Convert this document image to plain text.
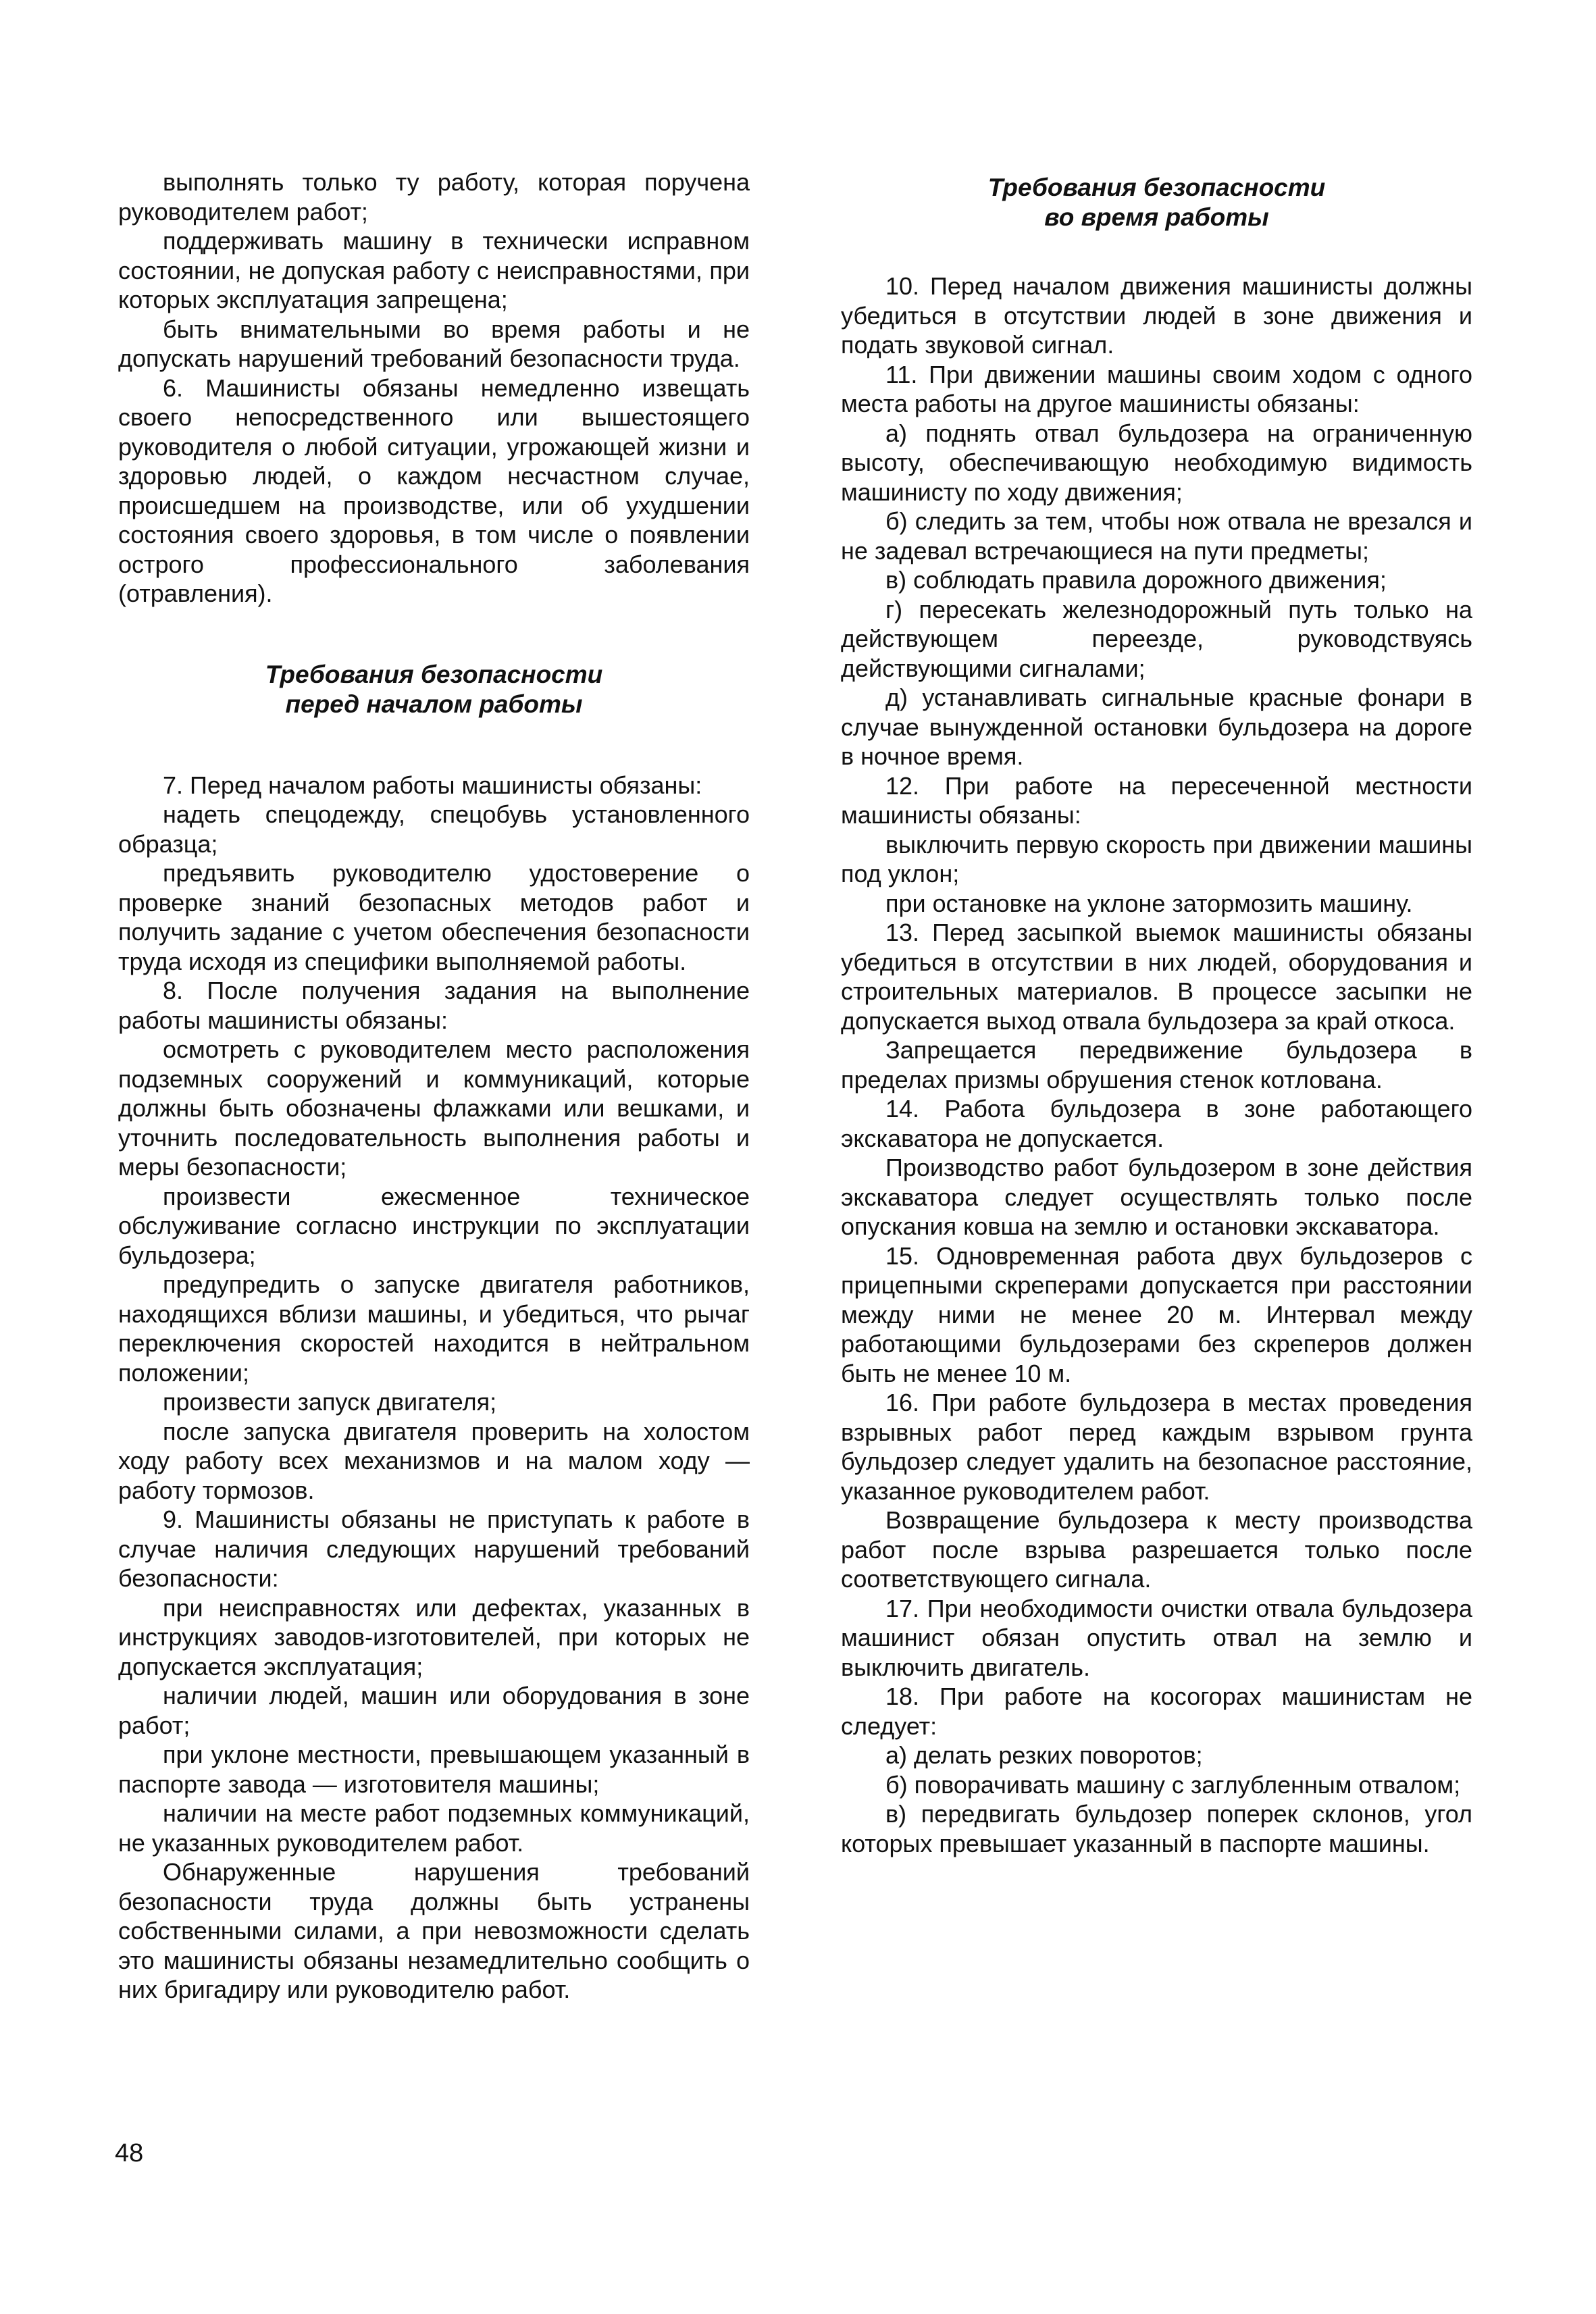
выполнять только ту работу, которая поручена руководителем работ;

поддерживать машину в технически исправном состоянии, не допуская работу с неисправностями, при которых эксплуатация запрещена;

быть внимательными во время работы и не допускать нарушений требований безопасности труда.

6. Машинисты обязаны немедленно извещать своего непосредственного или вышестоящего руководителя о любой ситуации, угрожающей жизни и здоровью людей, о каждом несчастном случае, происшедшем на производстве, или об ухудшении состояния своего здоровья, в том числе о появлении острого профессионального заболевания (отравления).

Требования безопасности
перед началом работы

7. Перед началом работы машинисты обязаны:

надеть спецодежду, спецобувь установленного образца;

предъявить руководителю удостоверение о проверке знаний безопасных методов работ и получить задание с учетом обеспечения безопасности труда исходя из специфики выполняемой работы.

8. После получения задания на выполнение работы машинисты обязаны:

осмотреть с руководителем место расположения подземных сооружений и коммуникаций, которые должны быть обозначены флажками или вешками, и уточнить последовательность выполнения работы и меры безопасности;

произвести ежесменное техническое обслуживание согласно инструкции по эксплуатации бульдозера;

предупредить о запуске двигателя работников, находящихся вблизи машины, и убедиться, что рычаг переключения скоростей находится в нейтральном положении;

произвести запуск двигателя;

после запуска двигателя проверить на холостом ходу работу всех механизмов и на малом ходу — работу тормозов.

9. Машинисты обязаны не приступать к работе в случае наличия следующих нарушений требований безопасности:

при неисправностях или дефектах, указанных в инструкциях заводов-изготовителей, при которых не допускается эксплуатация;

наличии людей, машин или оборудования в зоне работ;

при уклоне местности, превышающем указанный в паспорте завода — изготовителя машины;

наличии на месте работ подземных коммуникаций, не указанных руководителем работ.

Обнаруженные нарушения требований безопасности труда должны быть устранены собственными силами, а при невозможности сделать это машинисты обязаны незамедлительно сообщить о них бригадиру или руководителю работ.

Требования безопасности
во время работы

10. Перед началом движения машинисты должны убедиться в отсутствии людей в зоне движения и подать звуковой сигнал.

11. При движении машины своим ходом с одного места работы на другое машинисты обязаны:

а) поднять отвал бульдозера на ограниченную высоту, обеспечивающую необходимую видимость машинисту по ходу движения;

б) следить за тем, чтобы нож отвала не врезался и не задевал встречающиеся на пути предметы;

в) соблюдать правила дорожного движения;

г) пересекать железнодорожный путь только на действующем переезде, руководствуясь действующими сигналами;

д) устанавливать сигнальные красные фонари в случае вынужденной остановки бульдозера на дороге в ночное время.

12. При работе на пересеченной местности машинисты обязаны:

выключить первую скорость при движении машины под уклон;

при остановке на уклоне затормозить машину.

13. Перед засыпкой выемок машинисты обязаны убедиться в отсутствии в них людей, оборудования и строительных материалов. В процессе засыпки не допускается выход отвала бульдозера за край откоса.

Запрещается передвижение бульдозера в пределах призмы обрушения стенок котлована.

14. Работа бульдозера в зоне работающего экскаватора не допускается.

Производство работ бульдозером в зоне действия экскаватора следует осуществлять только после опускания ковша на землю и остановки экскаватора.

15. Одновременная работа двух бульдозеров с прицепными скреперами допускается при расстоянии между ними не менее 20 м. Интервал между работающими бульдозерами без скреперов должен быть не менее 10 м.

16. При работе бульдозера в местах проведения взрывных работ перед каждым взрывом грунта бульдозер следует удалить на безопасное расстояние, указанное руководителем работ.

Возвращение бульдозера к месту производства работ после взрыва разрешается только после соответствующего сигнала.

17. При необходимости очистки отвала бульдозера машинист обязан опустить отвал на землю и выключить двигатель.

18. При работе на косогорах машинистам не следует:

а) делать резких поворотов;

б) поворачивать машину с заглубленным отвалом;

в) передвигать бульдозер поперек склонов, угол которых превышает указанный в паспорте машины.

48
